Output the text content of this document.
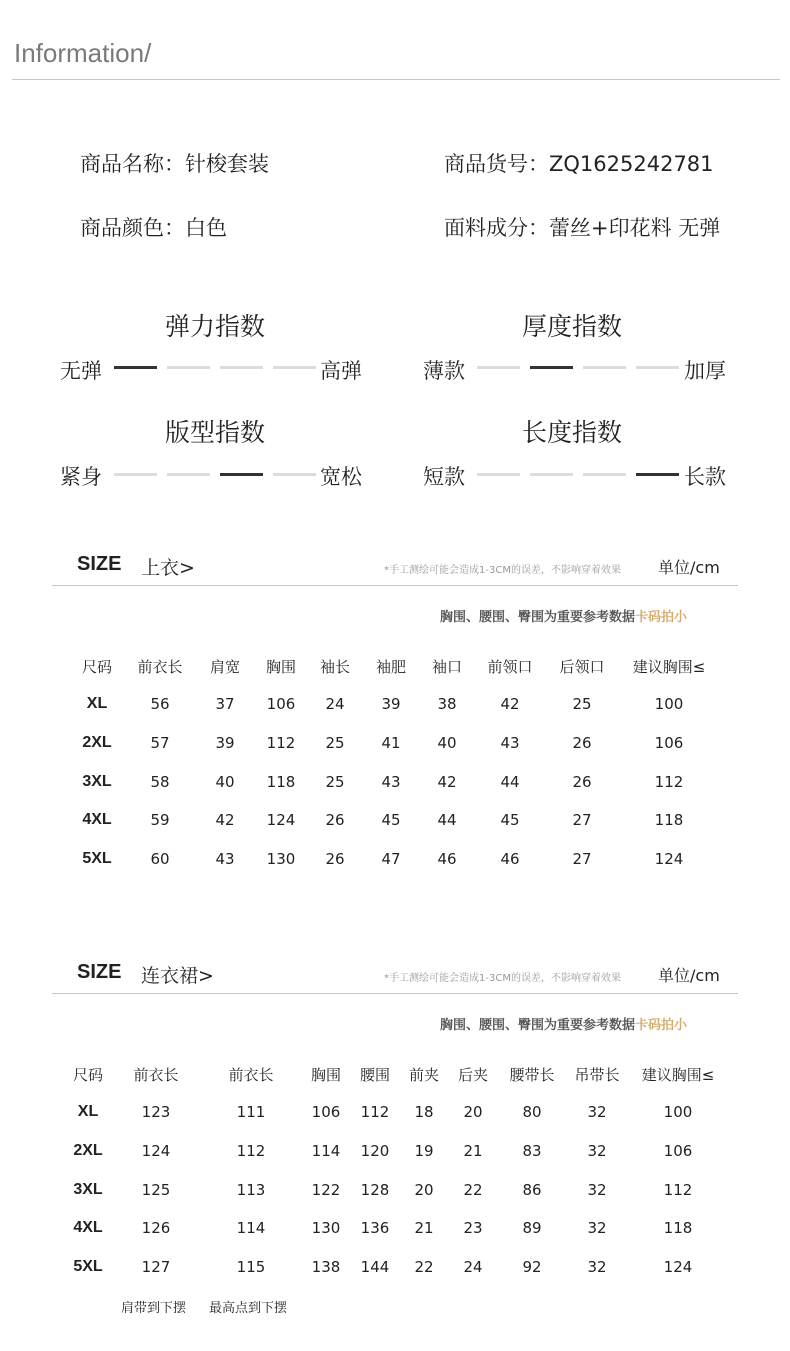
Information/
商品名称：针梭套装	商品货号：ZQ1625242781
商品颜色：白色	面料成分：蕾丝+印花料 无弹
弹力指数
无弹	高弹
厚度指数
薄款	加厚
版型指数
紧身	宽松
长度指数
短款	长款
SIZE 上衣>	*手工测绘可能会造成1-3CM的误差，不影响穿着效果 单位/cm
胸围、腰围、臀围为重要参考数据卡码拍小
尺码 前衣长 肩宽 胸围 袖长 袖肥 袖口 前领口 后领口 建议胸围≤
XL	56	37 106 24 39 38	42	25	100
2XL	57	39 112 25 41 40	43	26	106
3XL	58	40 118 25 43 42	44	26	112
4XL	59	42 124 26 45 44	45	27	118
5XL	60	43 130 26 47 46	46	27	124
SIZE 连衣裙>	*手工测绘可能会造成1-3CM的误差，不影响穿着效果 单位/cm
胸围、腰围、臀围为重要参考数据卡码拍小
尺码 前衣长	前衣长 胸围 腰围 前夹 后夹 腰带长 吊带长 建议胸围≤
XL	123	111	106 112 18 20	80	32	100
2XL	124	112	114 120 19 21	83	32	106
3XL	125	113	122 128 20 22	86	32	112
4XL	126	114	130 136 21 23	89	32	118
5XL	127	115	138 144 22 24	92	32	124
肩带到下摆 最高点到下摆
